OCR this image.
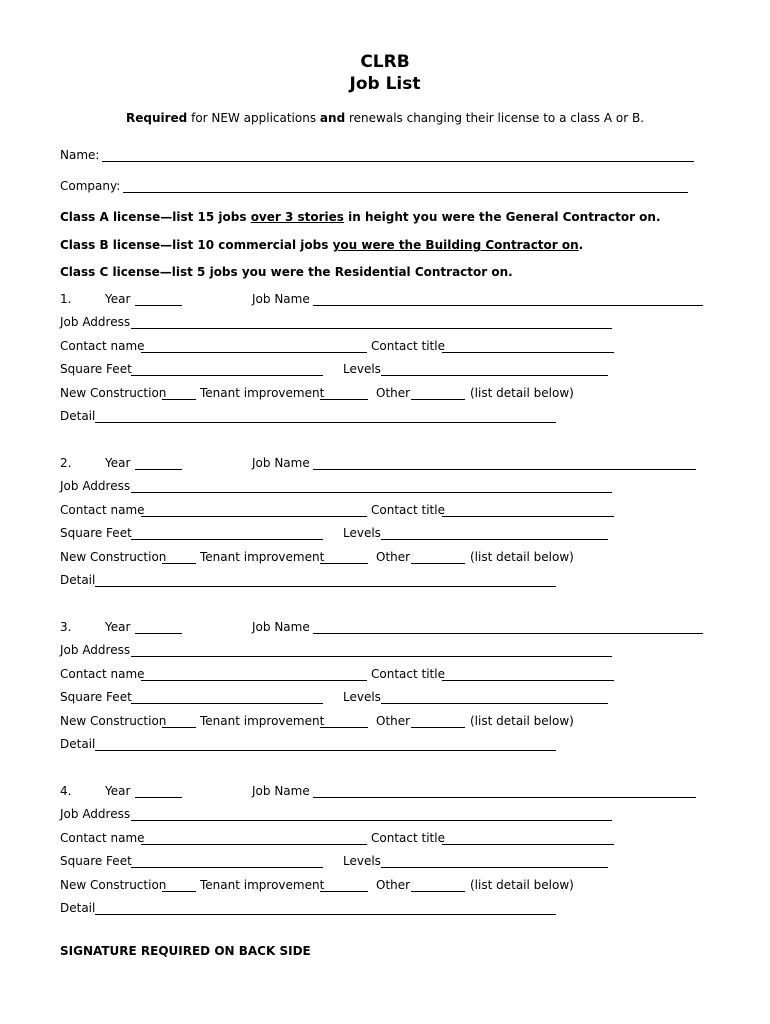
CLRB
Job List
Required for NEW applications and renewals changing their license to a class A or B.
Name:
Company:
Class A license—list 15 jobs over 3 stories in height you were the General Contractor on.
Class B license—list 10 commercial jobs you were the Building Contractor on.
Class C license—list 5 jobs you were the Residential Contractor on.
1.	Year	Job Name
Job Address
Contact name	Contact title
Square Feet	Levels
New Construction	Tenant improvement	Other	(list detail below)
Detail
2.	Year	Job Name
Job Address
Contact name	Contact title
Square Feet	Levels
New Construction	Tenant improvement	Other	(list detail below)
Detail
3.	Year	Job Name
Job Address
Contact name	Contact title
Square Feet	Levels
New Construction	Tenant improvement	Other	(list detail below)
Detail
4.	Year	Job Name
Job Address
Contact name	Contact title
Square Feet	Levels
New Construction	Tenant improvement	Other	(list detail below)
Detail
SIGNATURE REQUIRED ON BACK SIDE
